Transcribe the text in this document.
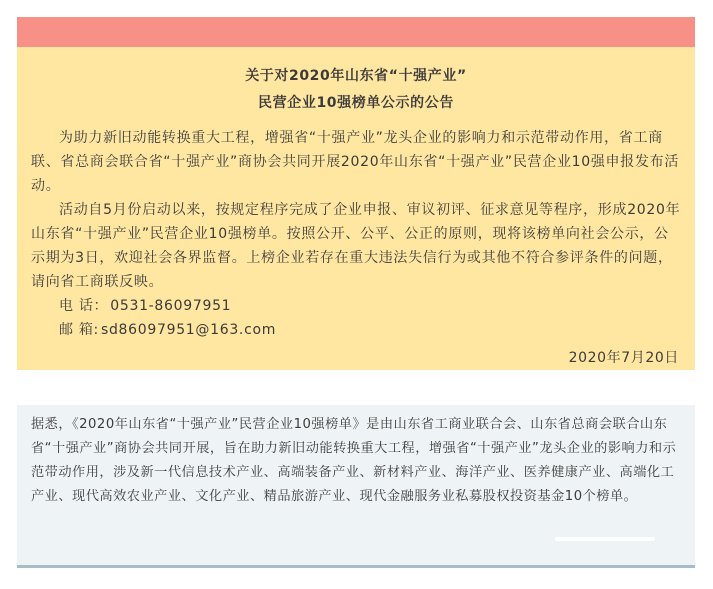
关于对2020年山东省“十强产业”
民营企业10强榜单公示的公告

为助力新旧动能转换重大工程，增强省“十强产业”龙头企业的影响力和示范带动作用，省工商联、省总商会联合省“十强产业”商协会共同开展2020年山东省“十强产业”民营企业10强申报发布活动。

活动自5月份启动以来，按规定程序完成了企业申报、审议初评、征求意见等程序，形成2020年山东省“十强产业”民营企业10强榜单。按照公开、公平、公正的原则，现将该榜单向社会公示，公示期为3日，欢迎社会各界监督。上榜企业若存在重大违法失信行为或其他不符合参评条件的问题，请向省工商联反映。

电 话： 0531-86097951
邮 箱: sd86097951@163.com
2020年7月20日
据悉，《2020年山东省“十强产业”民营企业10强榜单》是由山东省工商业联合会、山东省总商会联合山东省“十强产业”商协会共同开展，旨在助力新旧动能转换重大工程，增强省“十强产业”龙头企业的影响力和示范带动作用，涉及新一代信息技术产业、高端装备产业、新材料产业、海洋产业、医养健康产业、高端化工产业、现代高效农业产业、文化产业、精品旅游产业、现代金融服务业私募股权投资基金10个榜单。
